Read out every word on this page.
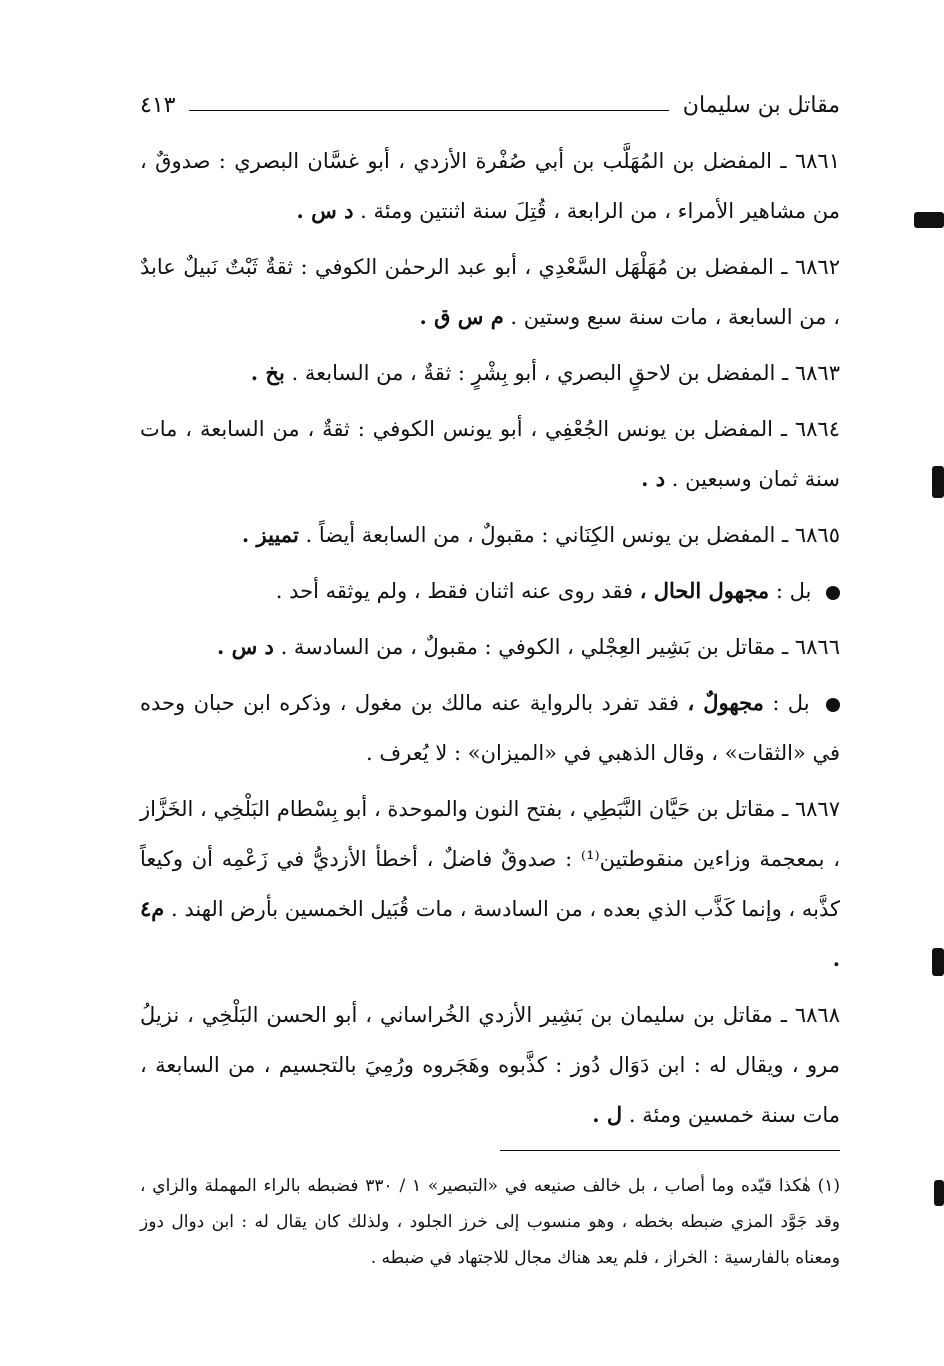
مقاتل بن سليمان
٤١٣

٦٨٦١ ـ المفضل بن المُهَلَّب بن أبي صُفْرة الأزدي ، أبو غسَّان البصري : صدوقٌ ، من مشاهير الأمراء ، من الرابعة ، قُتِلَ سنة اثنتين ومئة . د س .

٦٨٦٢ ـ المفضل بن مُهَلْهَل السَّعْدِي ، أبو عبد الرحمٰن الكوفي : ثقةٌ ثَبْتٌ نَبيلٌ عابدٌ ، من السابعة ، مات سنة سبع وستين . م س ق .

٦٨٦٣ ـ المفضل بن لاحقٍ البصري ، أبو بِشْرٍ : ثقةٌ ، من السابعة . بخ .

٦٨٦٤ ـ المفضل بن يونس الجُعْفِي ، أبو يونس الكوفي : ثقةٌ ، من السابعة ، مات سنة ثمان وسبعين . د .

٦٨٦٥ ـ المفضل بن يونس الكِنَاني : مقبولٌ ، من السابعة أيضاً . تمييز .

بل : مجهول الحال ، فقد روى عنه اثنان فقط ، ولم يوثقه أحد .

٦٨٦٦ ـ مقاتل بن بَشِير العِجْلي ، الكوفي : مقبولٌ ، من السادسة . د س .

بل : مجهولٌ ، فقد تفرد بالرواية عنه مالك بن مغول ، وذكره ابن حبان وحده في «الثقات» ، وقال الذهبي في «الميزان» : لا يُعرف .

٦٨٦٧ ـ مقاتل بن حَيَّان النَّبَطِي ، بفتح النون والموحدة ، أبو بِسْطام البَلْخِي ، الخَزَّاز ، بمعجمة وزاءين منقوطتين⁽¹⁾ : صدوقٌ فاضلٌ ، أخطأ الأزديُّ في زَعْمِه أن وكيعاً كذَّبه ، وإنما كَذَّب الذي بعده ، من السادسة ، مات قُبَيل الخمسين بأرض الهند . م٤ .

٦٨٦٨ ـ مقاتل بن سليمان بن بَشِير الأزدي الخُراساني ، أبو الحسن البَلْخِي ، نزيلُ مرو ، ويقال له : ابن دَوَال دُوز : كذَّبوه وهَجَروه ورُمِيَ بالتجسيم ، من السابعة ، مات سنة خمسين ومئة . ل .

(١) هٰكذا قيّده وما أصاب ، بل خالف صنيعه في «التبصير» ١ / ٣٣٠ فضبطه بالراء المهملة والزاي ، وقد جَوَّد المزي ضبطه بخطه ، وهو منسوب إلى خرز الجلود ، ولذلك كان يقال له : ابن دوال دوز ومعناه بالفارسية : الخراز ، فلم يعد هناك مجال للاجتهاد في ضبطه .
